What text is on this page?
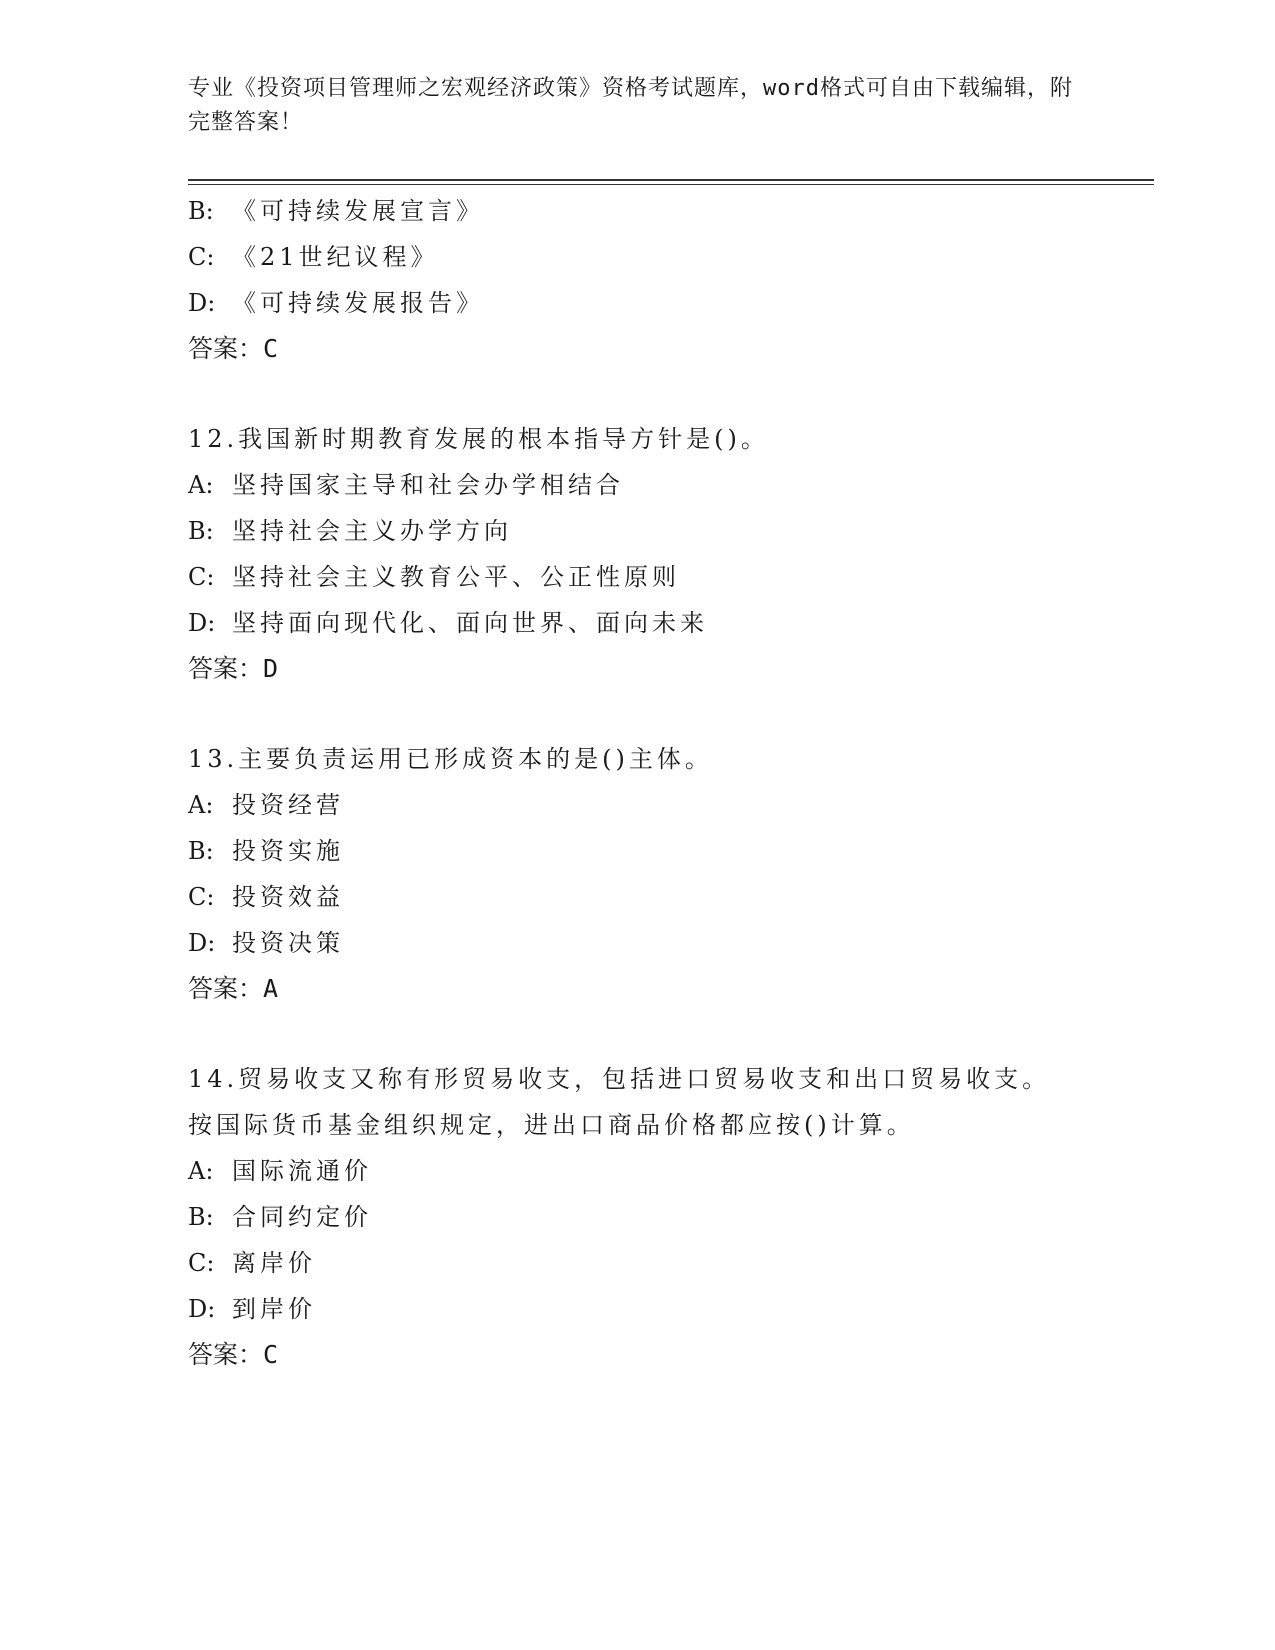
专业《投资项目管理师之宏观经济政策》资格考试题库，word格式可自由下载编辑，附完整答案！
B: 《可持续发展宣言》
C: 《21世纪议程》
D: 《可持续发展报告》
答案：C
12.我国新时期教育发展的根本指导方针是()。
A: 坚持国家主导和社会办学相结合
B: 坚持社会主义办学方向
C: 坚持社会主义教育公平、公正性原则
D: 坚持面向现代化、面向世界、面向未来
答案：D
13.主要负责运用已形成资本的是()主体。
A: 投资经营
B: 投资实施
C: 投资效益
D: 投资决策
答案：A
14.贸易收支又称有形贸易收支，包括进口贸易收支和出口贸易收支。
按国际货币基金组织规定，进出口商品价格都应按()计算。
A: 国际流通价
B: 合同约定价
C: 离岸价
D: 到岸价
答案：C
